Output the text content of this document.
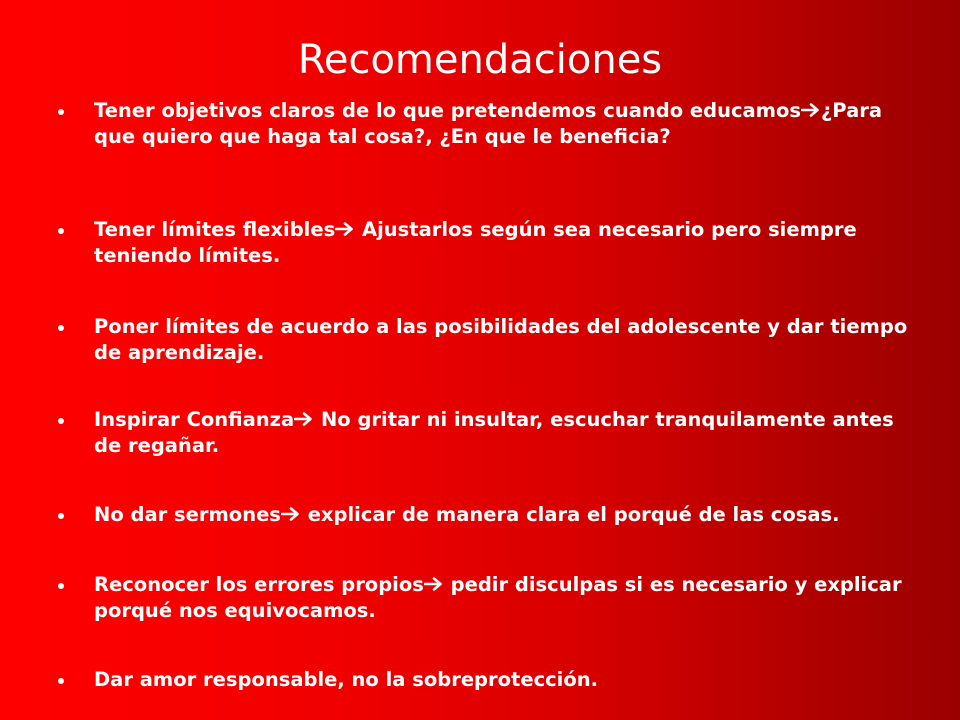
Recomendaciones
Tener objetivos claros de lo que pretendemos cuando educamos ¿Para que quiero que haga tal cosa?, ¿En que le beneficia?
Tener límites flexibles Ajustarlos según sea necesario pero siempre teniendo límites.
Poner límites de acuerdo a las posibilidades del adolescente y dar tiempo de aprendizaje.
Inspirar Confianza No gritar ni insultar, escuchar tranquilamente antes de regañar.
No dar sermones explicar de manera clara el porqué de las cosas.
Reconocer los errores propios pedir disculpas si es necesario y explicar porqué nos equivocamos.
Dar amor responsable, no la sobreprotección.
